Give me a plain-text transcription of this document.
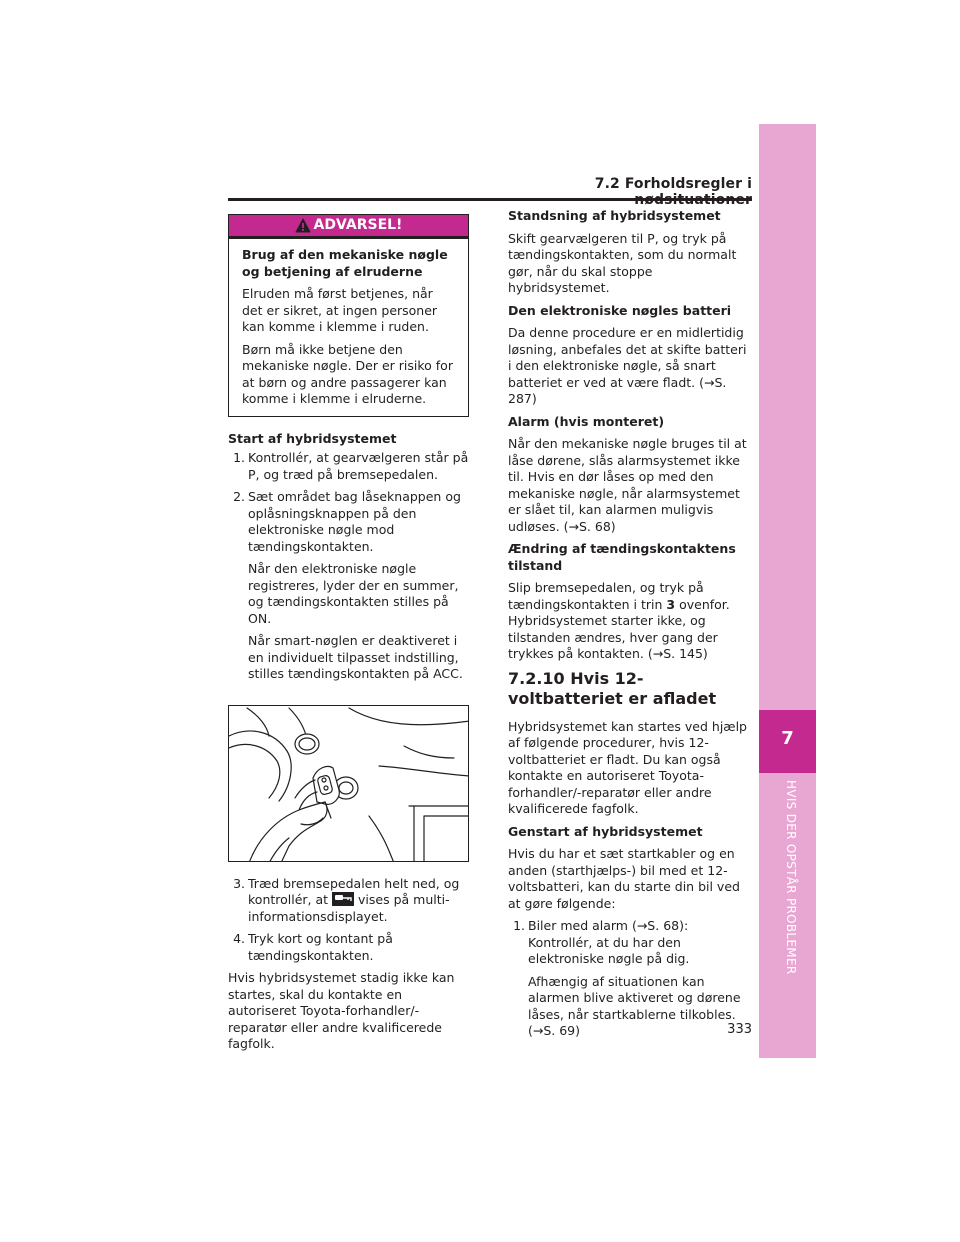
7.2 Forholdsregler i
7
HVIS DER OPSTÅR PROBLEMER
ADVARSEL!

Brug af den mekaniske nøgle og betjening af elruderne

Elruden må først betjenes, når det er sikret, at ingen personer kan komme i klemme i ruden.

Børn må ikke betjene den mekaniske nøgle. Der er risiko for at børn og andre passagerer kan komme i klemme i elruderne.

Start af hybridsystemet

1. Kontrollér, at gearvælgeren står på P, og træd på bremsepedalen.

2. Sæt området bag låseknappen og oplåsningsknappen på den elektroniske nøgle mod tændingskontakten.

Når den elektroniske nøgle registreres, lyder der en summer, og tændingskontakten stilles på ON.

Når smart-nøglen er deaktiveret i en individuelt tilpasset indstilling, stilles tændingskontakten på ACC.

3. Træd bremsepedalen helt ned, og kontrollér, at vises på multi-informationsdisplayet.

4. Tryk kort og kontant på tændingskontakten.

Hvis hybridsystemet stadig ikke kan startes, skal du kontakte en autoriseret Toyota-forhandler/-reparatør eller andre kvalificerede fagfolk.

Standsning af hybridsystemet

Skift gearvælgeren til P, og tryk på tændingskontakten, som du normalt gør, når du skal stoppe hybridsystemet.

Den elektroniske nøgles batteri

Da denne procedure er en midlertidig løsning, anbefales det at skifte batteri i den elektroniske nøgle, så snart batteriet er ved at være fladt. (→S. 287)

Alarm (hvis monteret)

Når den mekaniske nøgle bruges til at låse dørene, slås alarmsystemet ikke til. Hvis en dør låses op med den mekaniske nøgle, når alarmsystemet er slået til, kan alarmen muligvis udløses. (→S. 68)

Ændring af tændingskontaktens tilstand

Slip bremsepedalen, og tryk på tændingskontakten i trin 3 ovenfor. Hybridsystemet starter ikke, og tilstanden ændres, hver gang der trykkes på kontakten. (→S. 145)

7.2.10 Hvis 12-voltbatteriet er afladet

Hybridsystemet kan startes ved hjælp af følgende procedurer, hvis 12-voltbatteriet er fladt. Du kan også kontakte en autoriseret Toyota-forhandler/-reparatør eller andre kvalificerede fagfolk.

Genstart af hybridsystemet

Hvis du har et sæt startkabler og en anden (starthjælps-) bil med et 12-voltsbatteri, kan du starte din bil ved at gøre følgende:

1. Biler med alarm (→S. 68): Kontrollér, at du har den elektroniske nøgle på dig.

Afhængig af situationen kan alarmen blive aktiveret og dørene låses, når startkablerne tilkobles. (→S. 69)	333
